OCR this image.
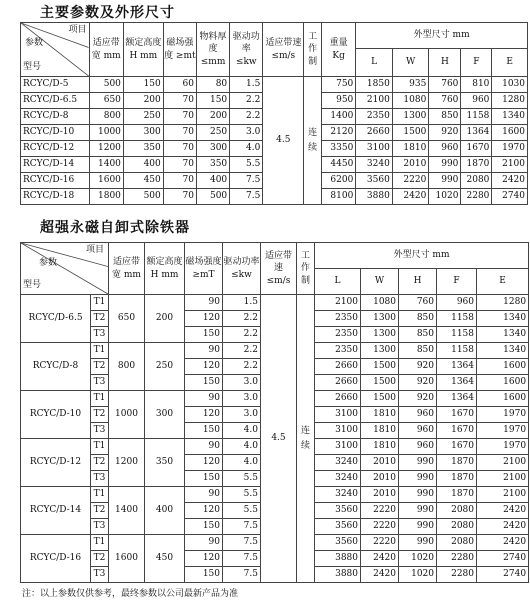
主要参数及外形尺寸
项目
参数
型号	适应带宽 mm	额定高度 H mm	磁场强度 ≥mt	物料厚度 ≤mm	驱动功率 ≤kw	适应带速 ≤m/s	工作制	重量 Kg	外型尺寸 mm				
									L	W	H	F	E
RCYC/D-5	500	150	60	80	1.5	4.5	连续	750	1850	935	760	810	1030
RCYC/D-6.5	650	200	70	150	2.2			950	2100	1080	760	960	1280
RCYC/D-8	800	250	70	200	2.2			1400	2350	1300	850	1158	1340
RCYC/D-10	1000	300	70	250	3.0			2120	2660	1500	920	1364	1600
RCYC/D-12	1200	350	70	300	4.0			3350	3100	1810	960	1670	1970
RCYC/D-14	1400	400	70	350	5.5			4450	3240	2010	990	1870	2100
RCYC/D-16	1600	450	70	400	7.5			6200	3560	2220	990	2080	2420
RCYC/D-18	1800	500	70	500	7.5			8100	3880	2420	1020	2280	2740
超强永磁自卸式除铁器
项目
参数
型号		适应带宽 mm	额定高度 H mm	磁场强度 ≥mT	驱动功率 ≤kw	适应带速 ≤m/s	工作制	外型尺寸 mm				
								L	W	H	F	E
RCYC/D-6.5	T1	650	200	90	1.5	4.5	连续	2100	1080	760	960	1280
	T2			120	2.2			2350	1300	850	1158	1340
	T3			150	2.2			2350	1300	850	1158	1340
RCYC/D-8	T1	800	250	90	2.2			2350	1300	850	1158	1340
	T2			120	2.2			2660	1500	920	1364	1600
	T3			150	3.0			2660	1500	920	1364	1600
RCYC/D-10	T1	1000	300	90	3.0			2660	1500	920	1364	1600
	T2			120	3.0			3100	1810	960	1670	1970
	T3			150	4.0			3100	1810	960	1670	1970
RCYC/D-12	T1	1200	350	90	4.0			3100	1810	960	1670	1970
	T2			120	4.0			3240	2010	990	1870	2100
	T3			150	5.5			3240	2010	990	1870	2100
RCYC/D-14	T1	1400	400	90	5.5			3240	2010	990	1870	2100
	T2			120	5.5			3560	2220	990	2080	2420
	T3			150	7.5			3560	2220	990	2080	2420
RCYC/D-16	T1	1600	450	90	7.5			3560	2220	990	2080	2420
	T2			120	7.5			3880	2420	1020	2280	2740
	T3			150	7.5			3880	2420	1020	2280	2740
注：以上参数仅供参考，最终参数以公司最新产品为准
